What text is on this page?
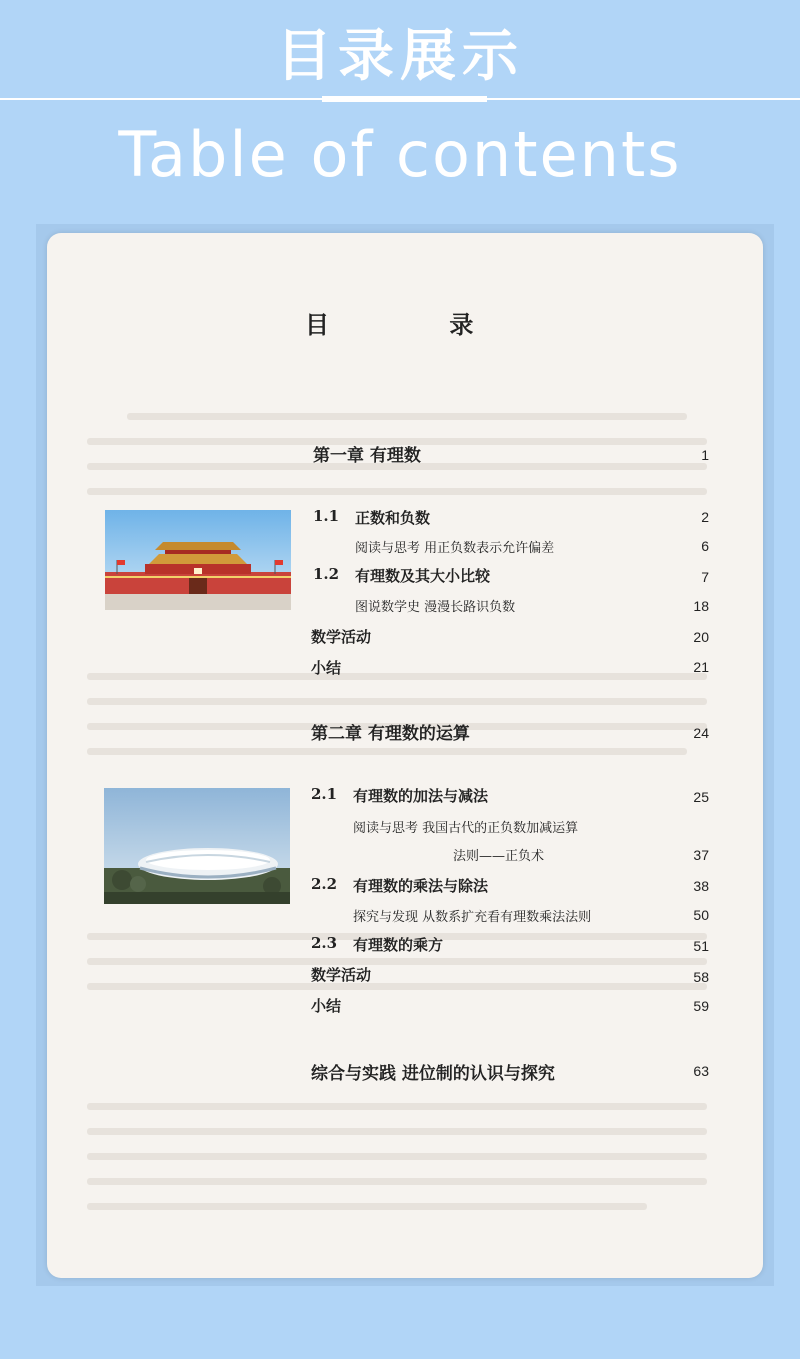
目录展示
Table of contents
目 录
第一章 有理数	1
1.1 正数和负数	2
阅读与思考 用正负数表示允许偏差	6
1.2 有理数及其大小比较	7
图说数学史 漫漫长路识负数	18
数学活动	20
小结	21
第二章 有理数的运算	24
2.1 有理数的加法与减法	25
阅读与思考 我国古代的正负数加减运算
法则——正负术	37
2.2 有理数的乘法与除法	38
探究与发现 从数系扩充看有理数乘法法则	50
2.3 有理数的乘方	51
数学活动	58
小结	59
综合与实践 进位制的认识与探究	63
